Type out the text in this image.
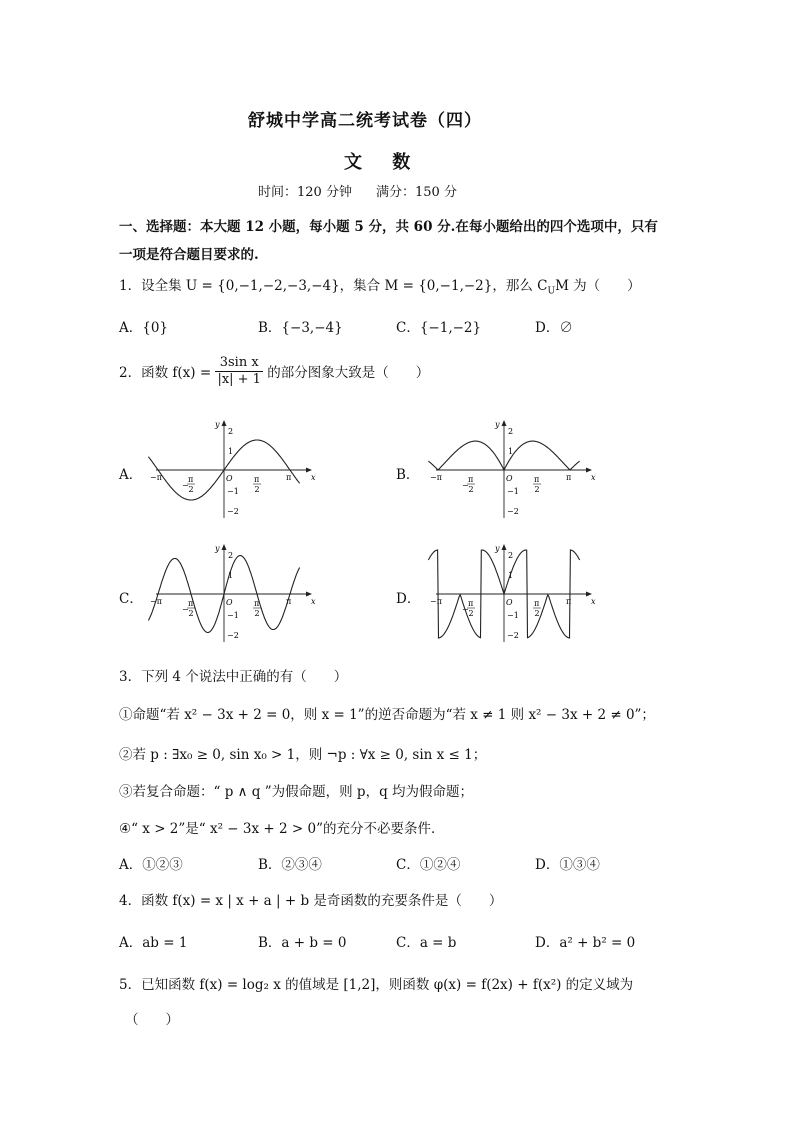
舒城中学高二统考试卷（四）
文 数
时间：120 分钟 满分：150 分
一、选择题：本大题 12 小题，每小题 5 分，共 60 分.在每小题给出的四个选项中，只有
一项是符合题目要求的.
1．设全集 U = {0,−1,−2,−3,−4}，集合 M = {0,−1,−2}，那么 $C_UM$ 为（　　）
A．{0}	B．{−3,−4}	C．{−1,−2}	D．∅
2．函数 $f(x) = \frac{\text{3sin x}}{|x| + 1}$ 的部分图象大致是（　　）
A．	B．
C．	D．
y
x
O
2
1
−1
−2
−π	π
−
π
2
π
2
y
x
O
2
1
−1
−2
−π	π
−
π
2
π
2
y
x
O
2
1
−1
−2
−π	π
−
π
2
π
2
y
x
O
2
1
−1
−2
−π	π
−
π
2
π
2
3．下列 4 个说法中正确的有（　　）
①命题“若 x² − 3x + 2 = 0，则 x = 1”的逆否命题为“若 x ≠ 1 则 x² − 3x + 2 ≠ 0”；
②若 p : ∃x₀ ≥ 0, sin x₀ > 1，则 ¬p : ∀x ≥ 0, sin x ≤ 1；
③若复合命题：“ p ∧ q ”为假命题，则 p，q 均为假命题；
④“ x > 2”是“ x² − 3x + 2 > 0”的充分不必要条件．
A．①②③	B．②③④	C．①②④	D．①③④
4．函数 f(x) = x | x + a | + b 是奇函数的充要条件是（　　）
A．ab = 1	B．a + b = 0	C．a = b	D．a² + b² = 0
5．已知函数 f(x) = log₂ x 的值域是 [1,2]，则函数 φ(x) = f(2x) + f(x²) 的定义域为
（　　）
